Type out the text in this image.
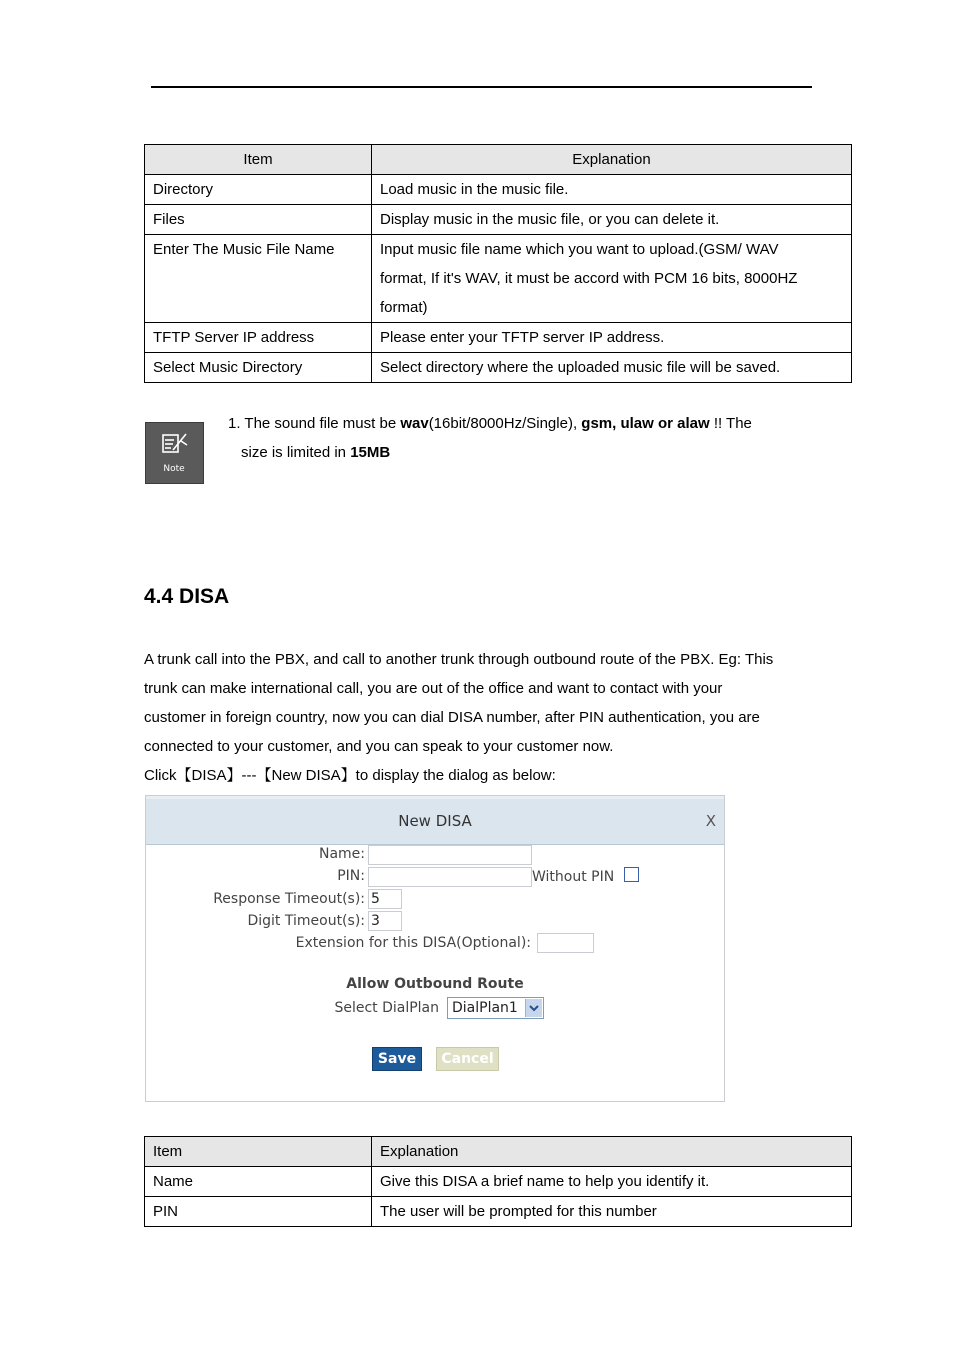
Item	Explanation
Directory	Load music in the music file.
Files	Display music in the music file, or you can delete it.
Enter The Music File Name	Input music file name which you want to upload.(GSM/ WAV
format, If it's WAV, it must be accord with PCM 16 bits, 8000HZ
format)

TFTP Server IP address	Please enter your TFTP server IP address.
Select Music Directory	Select directory where the uploaded music file will be saved.
Note
1. The sound file must be wav(16bit/8000Hz/Single), gsm, ulaw or alaw !! The
size is limited in 15MB
4.4 DISA

A trunk call into the PBX, and call to another trunk through outbound route of the PBX. Eg: This

trunk can make international call, you are out of the office and want to contact with your

customer in foreign country, now you can dial DISA number, after PIN authentication, you are

connected to your customer, and you can speak to your customer now.

Click【DISA】---【New DISA】to display the dialog as below:

New DISA	X
Name:
PIN:	Without PIN
Response Timeout(s): 5
Digit Timeout(s): 3
Extension for this DISA(Optional):
Allow Outbound Route
Select DialPlan DialPlan1
Save	Cancel
Item	Explanation
Name	Give this DISA a brief name to help you identify it.
PIN	The user will be prompted for this number
